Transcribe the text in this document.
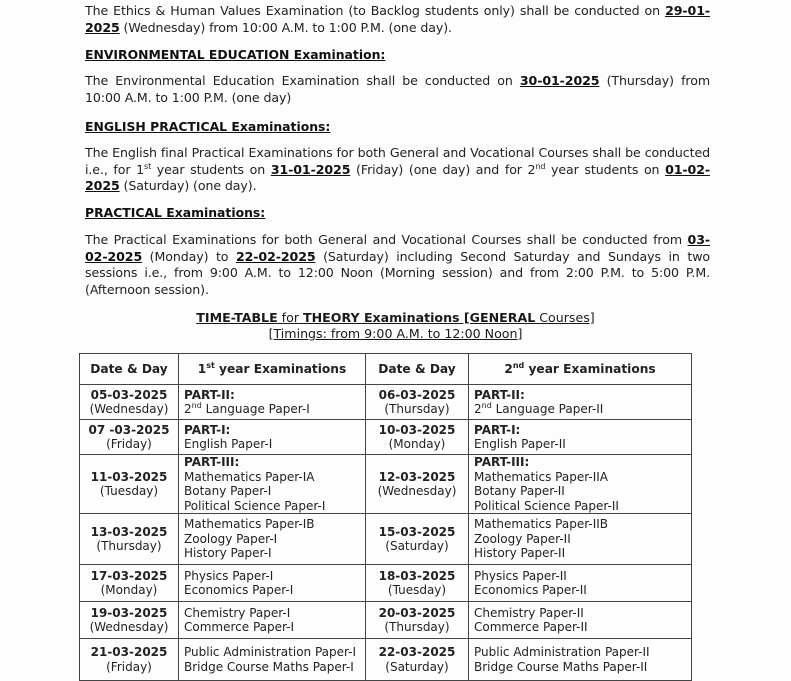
The Ethics & Human Values Examination (to Backlog students only) shall be conducted on 29-01-2025 (Wednesday) from 10:00 A.M. to 1:00 P.M. (one day).
ENVIRONMENTAL EDUCATION Examination:
The Environmental Education Examination shall be conducted on 30-01-2025 (Thursday) from 10:00 A.M. to 1:00 P.M. (one day)
ENGLISH PRACTICAL Examinations:
The English final Practical Examinations for both General and Vocational Courses shall be conducted i.e., for 1st year students on 31-01-2025 (Friday) (one day) and for 2nd year students on 01-02-2025 (Saturday) (one day).
PRACTICAL Examinations:
The Practical Examinations for both General and Vocational Courses shall be conducted from 03-02-2025 (Monday) to 22-02-2025 (Saturday) including Second Saturday and Sundays in two sessions i.e., from 9:00 A.M. to 12:00 Noon (Morning session) and from 2:00 P.M. to 5:00 P.M. (Afternoon session).
TIME-TABLE for THEORY Examinations [GENERAL Courses]
[Timings: from 9:00 A.M. to 12:00 Noon]
Date & Day	1st year Examinations	Date & Day	2nd year Examinations

05-03-2025
(Wednesday)	PART-II:
2nd Language Paper-I	06-03-2025
(Thursday)	PART-II:
2nd Language Paper-II

07 -03-2025
(Friday)	PART-I:
English Paper-I	10-03-2025
(Monday)	PART-I:
English Paper-II

11-03-2025
(Tuesday)	PART-III:
Mathematics Paper-IA
Botany Paper-I
Political Science Paper-I	12-03-2025
(Wednesday)	PART-III:
Mathematics Paper-IIA
Botany Paper-II
Political Science Paper-II

13-03-2025
(Thursday)	Mathematics Paper-IB
Zoology Paper-I
History Paper-I	15-03-2025
(Saturday)	Mathematics Paper-IIB
Zoology Paper-II
History Paper-II

17-03-2025
(Monday)	Physics Paper-I
Economics Paper-I	18-03-2025
(Tuesday)	Physics Paper-II
Economics Paper-II

19-03-2025
(Wednesday)	Chemistry Paper-I
Commerce Paper-I	20-03-2025
(Thursday)	Chemistry Paper-II
Commerce Paper-II

21-03-2025
(Friday)	Public Administration Paper-I
Bridge Course Maths Paper-I	22-03-2025
(Saturday)	Public Administration Paper-II
Bridge Course Maths Paper-II
